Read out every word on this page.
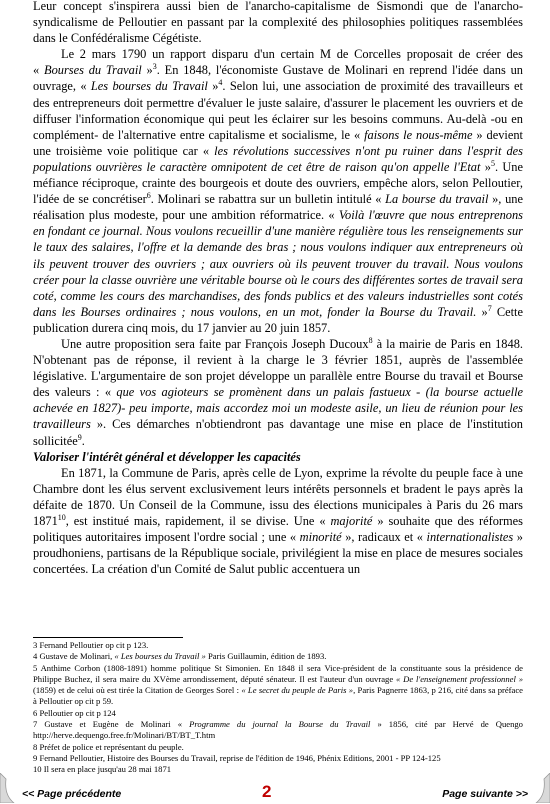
Leur concept s'inspirera aussi bien de l'anarcho-capitalisme de Sismondi que de l'anarcho-syndicalisme de Pelloutier en passant par la complexité des philosophies politiques rassemblées dans le Confédéralisme Cégétiste.

Le 2 mars 1790 un rapport disparu d'un certain M de Corcelles proposait de créer des « Bourses du Travail »$^3$. En 1848, l'économiste Gustave de Molinari en reprend l'idée dans un ouvrage, « Les bourses du Travail »$^4$. Selon lui, une association de proximité des travailleurs et des entrepreneurs doit permettre d'évaluer le juste salaire, d'assurer le placement les ouvriers et de diffuser l'information économique qui peut les éclairer sur les besoins communs. Au-delà -ou en complément- de l'alternative entre capitalisme et socialisme, le « faisons le nous-même » devient une troisième voie politique car « les révolutions successives n'ont pu ruiner dans l'esprit des populations ouvrières le caractère omnipotent de cet être de raison qu'on appelle l'Etat »$^5$. Une méfiance réciproque, crainte des bourgeois et doute des ouvriers, empêche alors, selon Pelloutier, l'idée de se concrétiser$^6$. Molinari se rabattra sur un bulletin intitulé « La bourse du travail », une réalisation plus modeste, pour une ambition réformatrice. « Voilà l'œuvre que nous entreprenons en fondant ce journal. Nous voulons recueillir d'une manière régulière tous les renseignements sur le taux des salaires, l'offre et la demande des bras ; nous voulons indiquer aux entrepreneurs où ils peuvent trouver des ouvriers ; aux ouvriers où ils peuvent trouver du travail. Nous voulons créer pour la classe ouvrière une véritable bourse où le cours des différentes sortes de travail sera coté, comme les cours des marchandises, des fonds publics et des valeurs industrielles sont cotés dans les Bourses ordinaires ; nous voulons, en un mot, fonder la Bourse du Travail. »$^7$ Cette publication durera cinq mois, du 17 janvier au 20 juin 1857.

Une autre proposition sera faite par François Joseph Ducoux$^8$ à la mairie de Paris en 1848. N'obtenant pas de réponse, il revient à la charge le 3 février 1851, auprès de l'assemblée législative. L'argumentaire de son projet développe un parallèle entre Bourse du travail et Bourse des valeurs : « que vos agioteurs se promènent dans un palais fastueux - (la bourse actuelle achevée en 1827)- peu importe, mais accordez moi un modeste asile, un lieu de réunion pour les travailleurs ». Ces démarches n'obtiendront pas davantage une mise en place de l'institution sollicitée$^9$.

Valoriser l'intérêt général et développer les capacités

En 1871, la Commune de Paris, après celle de Lyon, exprime la révolte du peuple face à une Chambre dont les élus servent exclusivement leurs intérêts personnels et bradent le pays après la défaite de 1870. Un Conseil de la Commune, issu des élections municipales à Paris du 26 mars 1871$^{10}$, est institué mais, rapidement, il se divise. Une « majorité » souhaite que des réformes politiques autoritaires imposent l'ordre social ; une « minorité », radicaux et « internationalistes » proudhoniens, partisans de la République sociale, privilégient la mise en place de mesures sociales concertées. La création d'un Comité de Salut public accentuera un

3 Fernand Pelloutier op cit p 123.

4 Gustave de Molinari, « Les bourses du Travail » Paris Guillaumin, édition de 1893.

5 Anthime Corbon (1808-1891) homme politique St Simonien. En 1848 il sera Vice-président de la constituante sous la présidence de Philippe Buchez, il sera maire du XVème arrondissement, député sénateur. Il est l'auteur d'un ouvrage « De l'enseignement professionnel » (1859) et de celui où est tirée la Citation de Georges Sorel : « Le secret du peuple de Paris », Paris Pagnerre 1863, p 216, cité dans sa préface à Pelloutier op cit p 59.

6 Pelloutier op cit p 124

7 Gustave et Eugène de Molinari « Programme du journal la Bourse du Travail » 1856, cité par Hervé de Quengo http://herve.dequengo.free.fr/Molinari/BT/BT_T.htm

8 Préfet de police et représentant du peuple.

9 Fernand Pelloutier, Histoire des Bourses du Travail, reprise de l'édition de 1946, Phénix Editions, 2001 - PP 124-125

10 Il sera en place jusqu'au 28 mai 1871

<< Page précédente	2	Page suivante >>
